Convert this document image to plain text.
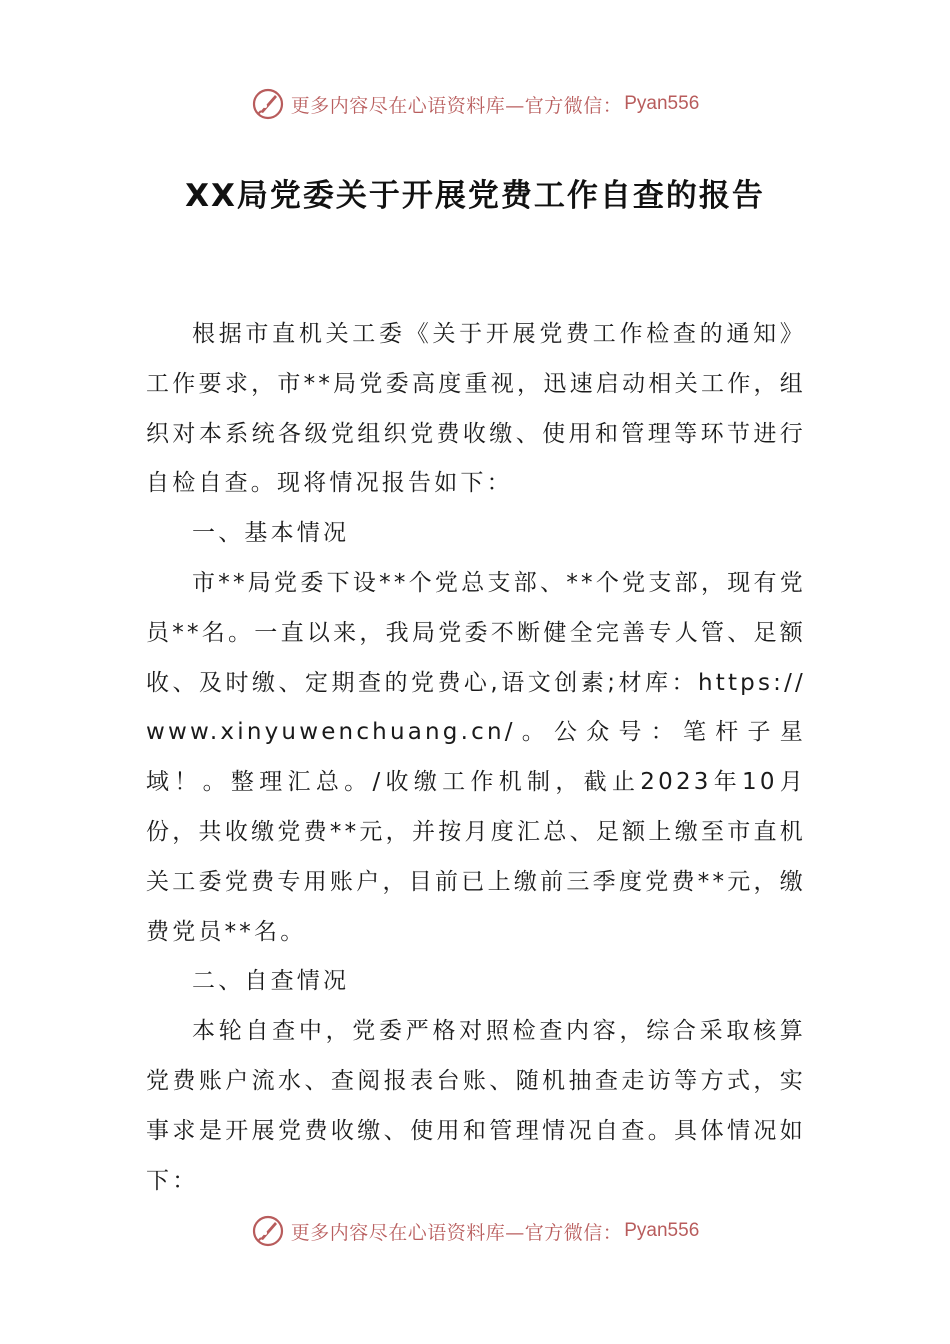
更多内容尽在心语资料库—官方微信： Pyan556
XX局党委关于开展党费工作自查的报告

根据市直机关工委《关于开展党费工作检查的通知》工作要求，市**局党委高度重视，迅速启动相关工作，组织对本系统各级党组织党费收缴、使用和管理等环节进行自检自查。现将情况报告如下：

一、基本情况

市**局党委下设**个党总支部、**个党支部，现有党员**名。一直以来，我局党委不断健全完善专人管、足额收、及时缴、定期查的党费心,语文创素;材库：https://www.xinyuwenchuang.cn/。公众号：笔杆子星域！。整理汇总。/收缴工作机制，截止2023年10月份，共收缴党费**元，并按月度汇总、足额上缴至市直机关工委党费专用账户，目前已上缴前三季度党费**元，缴费党员**名。

二、自查情况

本轮自查中，党委严格对照检查内容，综合采取核算党费账户流水、查阅报表台账、随机抽查走访等方式，实事求是开展党费收缴、使用和管理情况自查。具体情况如下：

更多内容尽在心语资料库—官方微信： Pyan556
